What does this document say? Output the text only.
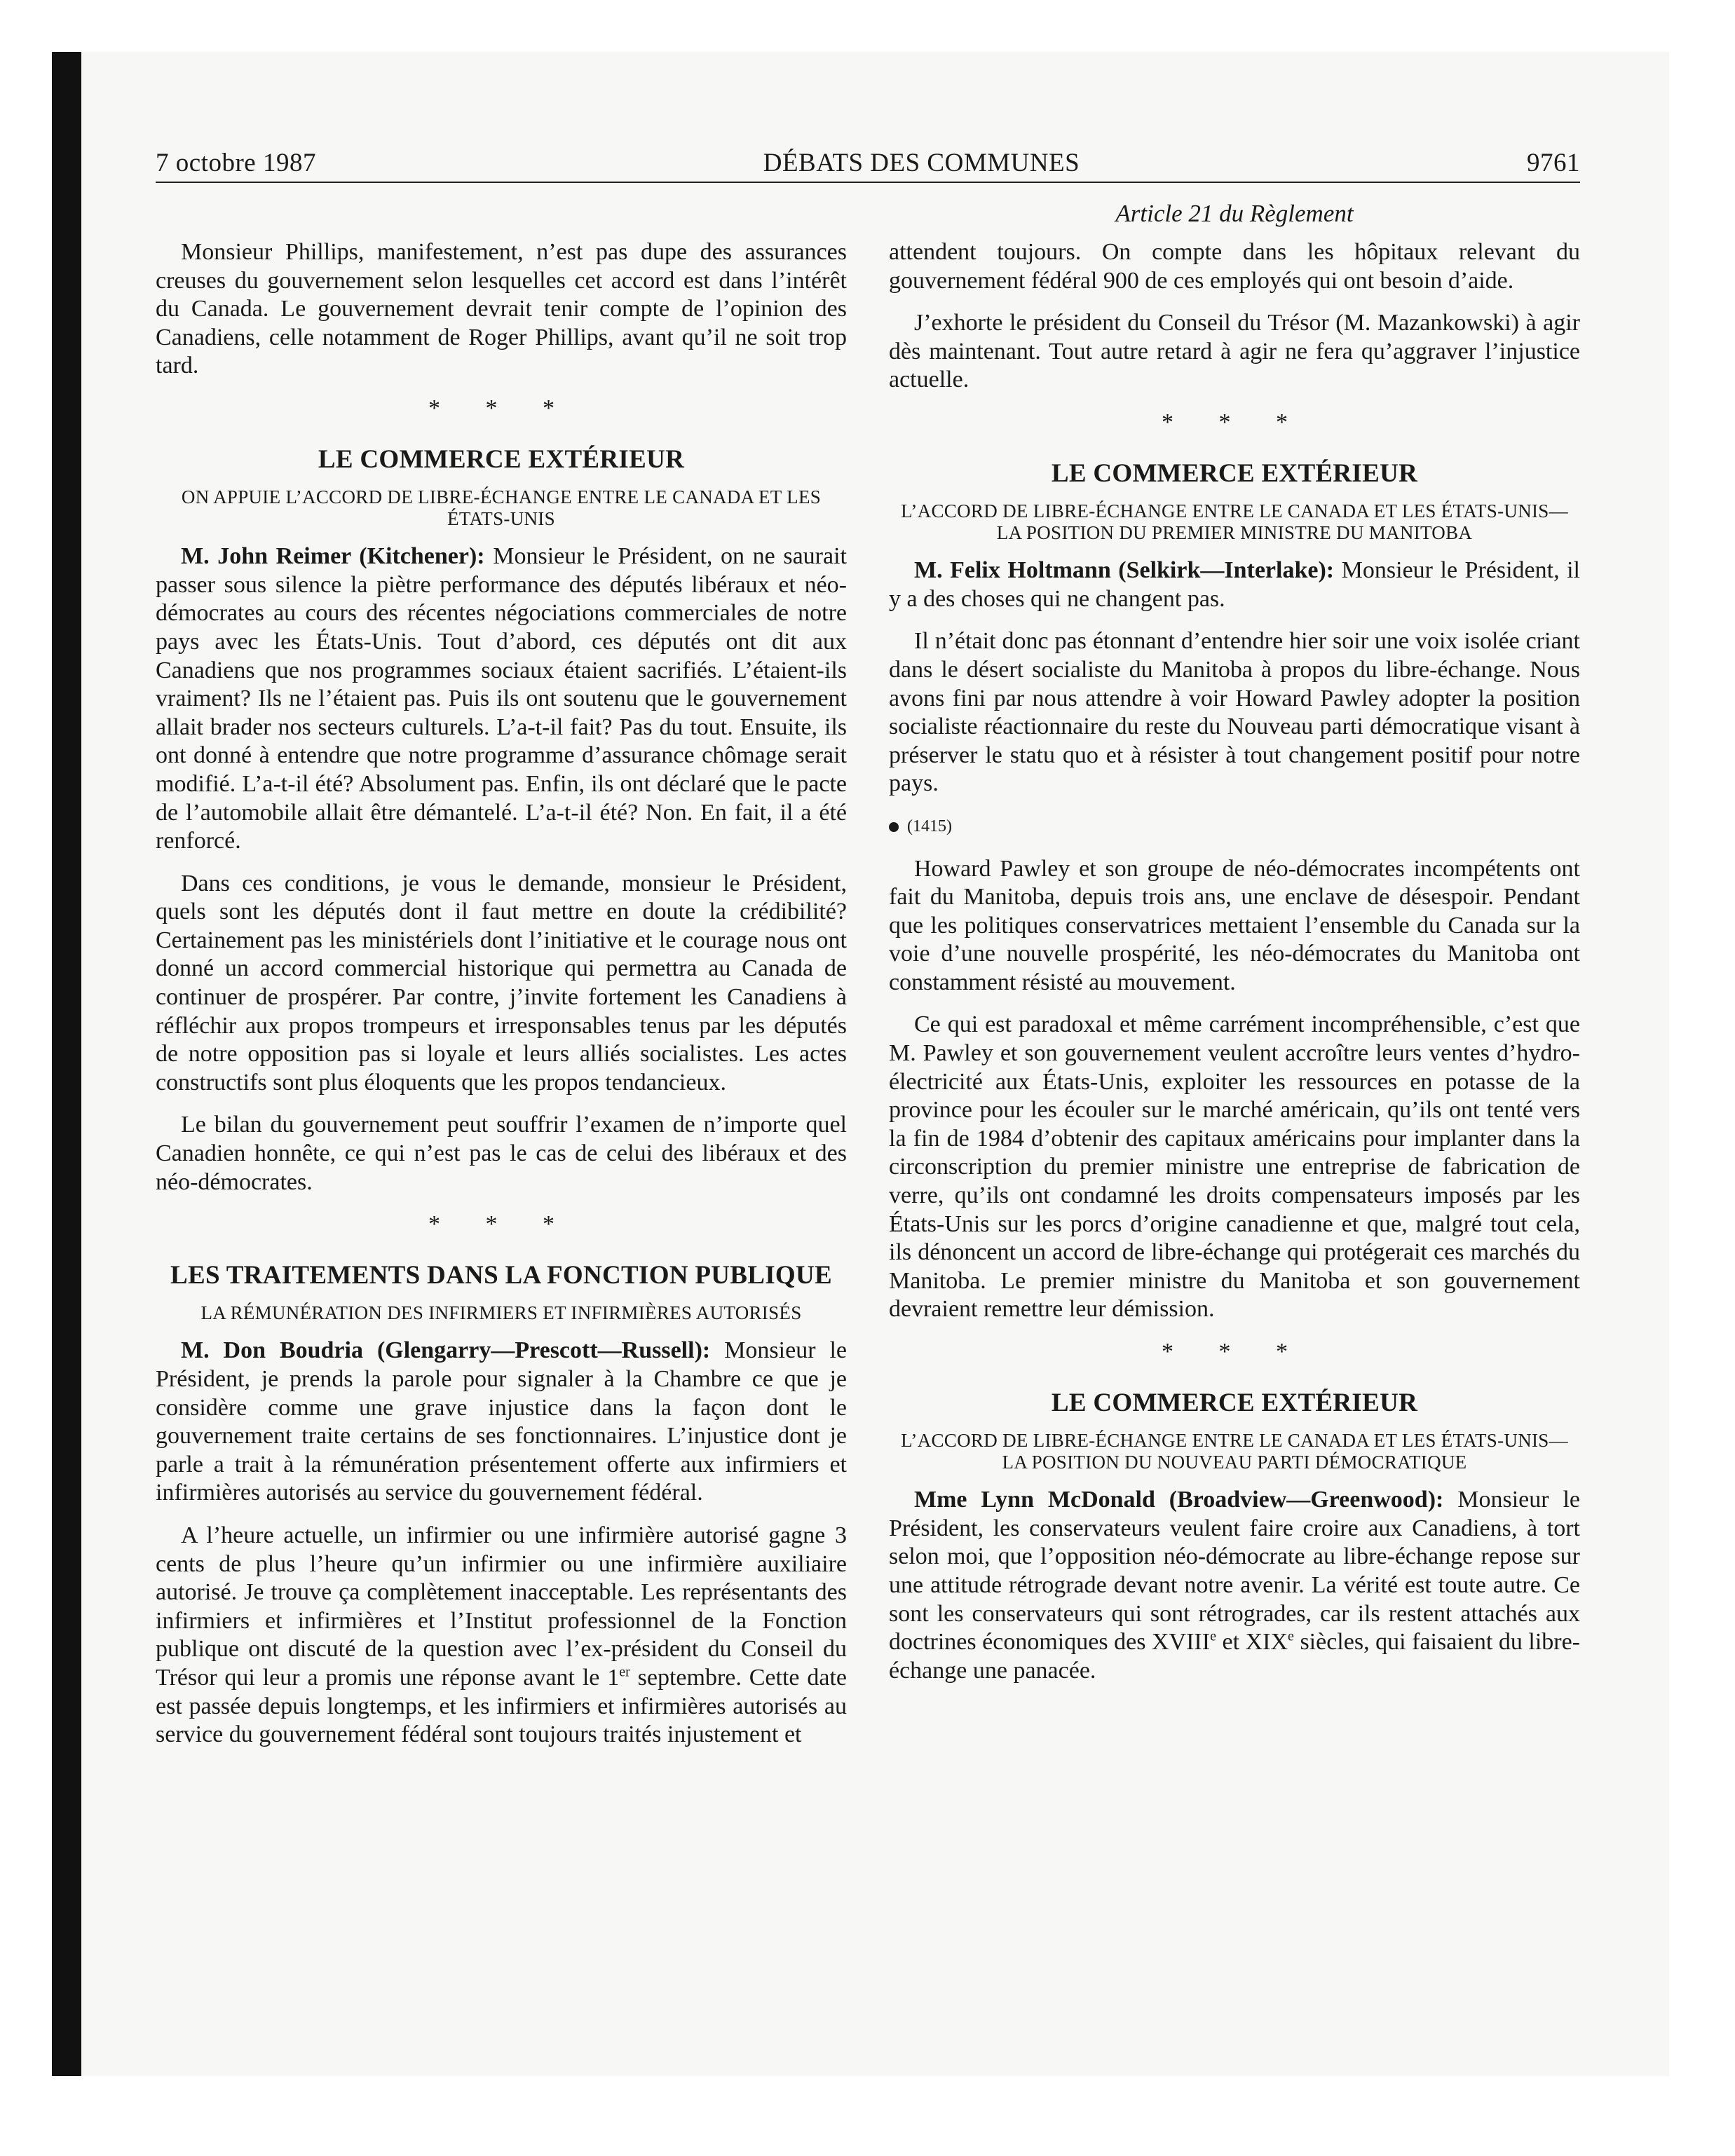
7 octobre 1987	DÉBATS DES COMMUNES	9761
Article 21 du Règlement

Monsieur Phillips, manifestement, n’est pas dupe des assurances creuses du gouvernement selon lesquelles cet accord est dans l’intérêt du Canada. Le gouvernement devrait tenir compte de l’opinion des Canadiens, celle notamment de Roger Phillips, avant qu’il ne soit trop tard.

* * *
LE COMMERCE EXTÉRIEUR
ON APPUIE L’ACCORD DE LIBRE-ÉCHANGE ENTRE LE CANADA ET LES ÉTATS-UNIS

M. John Reimer (Kitchener): Monsieur le Président, on ne saurait passer sous silence la piètre performance des députés libéraux et néo-démocrates au cours des récentes négociations commerciales de notre pays avec les États-Unis. Tout d’abord, ces députés ont dit aux Canadiens que nos programmes sociaux étaient sacrifiés. L’étaient-ils vraiment? Ils ne l’étaient pas. Puis ils ont soutenu que le gouvernement allait brader nos secteurs culturels. L’a-t-il fait? Pas du tout. Ensuite, ils ont donné à entendre que notre programme d’assurance chômage serait modifié. L’a-t-il été? Absolument pas. Enfin, ils ont déclaré que le pacte de l’automobile allait être démantelé. L’a-t-il été? Non. En fait, il a été renforcé.

Dans ces conditions, je vous le demande, monsieur le Président, quels sont les députés dont il faut mettre en doute la crédibilité? Certainement pas les ministériels dont l’initiative et le courage nous ont donné un accord commercial historique qui permettra au Canada de continuer de prospérer. Par contre, j’invite fortement les Canadiens à réfléchir aux propos trompeurs et irresponsables tenus par les députés de notre opposition pas si loyale et leurs alliés socialistes. Les actes constructifs sont plus éloquents que les propos tendancieux.

Le bilan du gouvernement peut souffrir l’examen de n’importe quel Canadien honnête, ce qui n’est pas le cas de celui des libéraux et des néo-démocrates.

* * *
LES TRAITEMENTS DANS LA FONCTION PUBLIQUE
LA RÉMUNÉRATION DES INFIRMIERS ET INFIRMIÈRES AUTORISÉS

M. Don Boudria (Glengarry—Prescott—Russell): Monsieur le Président, je prends la parole pour signaler à la Chambre ce que je considère comme une grave injustice dans la façon dont le gouvernement traite certains de ses fonctionnaires. L’injustice dont je parle a trait à la rémunération présentement offerte aux infirmiers et infirmières autorisés au service du gouvernement fédéral.

A l’heure actuelle, un infirmier ou une infirmière autorisé gagne 3 cents de plus l’heure qu’un infirmier ou une infirmière auxiliaire autorisé. Je trouve ça complètement inacceptable. Les représentants des infirmiers et infirmières et l’Institut professionnel de la Fonction publique ont discuté de la question avec l’ex-président du Conseil du Trésor qui leur a promis une réponse avant le 1er septembre. Cette date est passée depuis longtemps, et les infirmiers et infirmières autorisés au service du gouvernement fédéral sont toujours traités injustement et

attendent toujours. On compte dans les hôpitaux relevant du gouvernement fédéral 900 de ces employés qui ont besoin d’aide.

J’exhorte le président du Conseil du Trésor (M. Mazankowski) à agir dès maintenant. Tout autre retard à agir ne fera qu’aggraver l’injustice actuelle.

* * *
LE COMMERCE EXTÉRIEUR
L’ACCORD DE LIBRE-ÉCHANGE ENTRE LE CANADA ET LES ÉTATS-UNIS—LA POSITION DU PREMIER MINISTRE DU MANITOBA

M. Felix Holtmann (Selkirk—Interlake): Monsieur le Président, il y a des choses qui ne changent pas.

Il n’était donc pas étonnant d’entendre hier soir une voix isolée criant dans le désert socialiste du Manitoba à propos du libre-échange. Nous avons fini par nous attendre à voir Howard Pawley adopter la position socialiste réactionnaire du reste du Nouveau parti démocratique visant à préserver le statu quo et à résister à tout changement positif pour notre pays.

(1415)

Howard Pawley et son groupe de néo-démocrates incompétents ont fait du Manitoba, depuis trois ans, une enclave de désespoir. Pendant que les politiques conservatrices mettaient l’ensemble du Canada sur la voie d’une nouvelle prospérité, les néo-démocrates du Manitoba ont constamment résisté au mouvement.

Ce qui est paradoxal et même carrément incompréhensible, c’est que M. Pawley et son gouvernement veulent accroître leurs ventes d’hydro-électricité aux États-Unis, exploiter les ressources en potasse de la province pour les écouler sur le marché américain, qu’ils ont tenté vers la fin de 1984 d’obtenir des capitaux américains pour implanter dans la circonscription du premier ministre une entreprise de fabrication de verre, qu’ils ont condamné les droits compensateurs imposés par les États-Unis sur les porcs d’origine canadienne et que, malgré tout cela, ils dénoncent un accord de libre-échange qui protégerait ces marchés du Manitoba. Le premier ministre du Manitoba et son gouvernement devraient remettre leur démission.

* * *
LE COMMERCE EXTÉRIEUR
L’ACCORD DE LIBRE-ÉCHANGE ENTRE LE CANADA ET LES ÉTATS-UNIS—LA POSITION DU NOUVEAU PARTI DÉMOCRATIQUE

Mme Lynn McDonald (Broadview—Greenwood): Monsieur le Président, les conservateurs veulent faire croire aux Canadiens, à tort selon moi, que l’opposition néo-démocrate au libre-échange repose sur une attitude rétrograde devant notre avenir. La vérité est toute autre. Ce sont les conservateurs qui sont rétrogrades, car ils restent attachés aux doctrines économiques des XVIIIe et XIXe siècles, qui faisaient du libre-échange une panacée.
